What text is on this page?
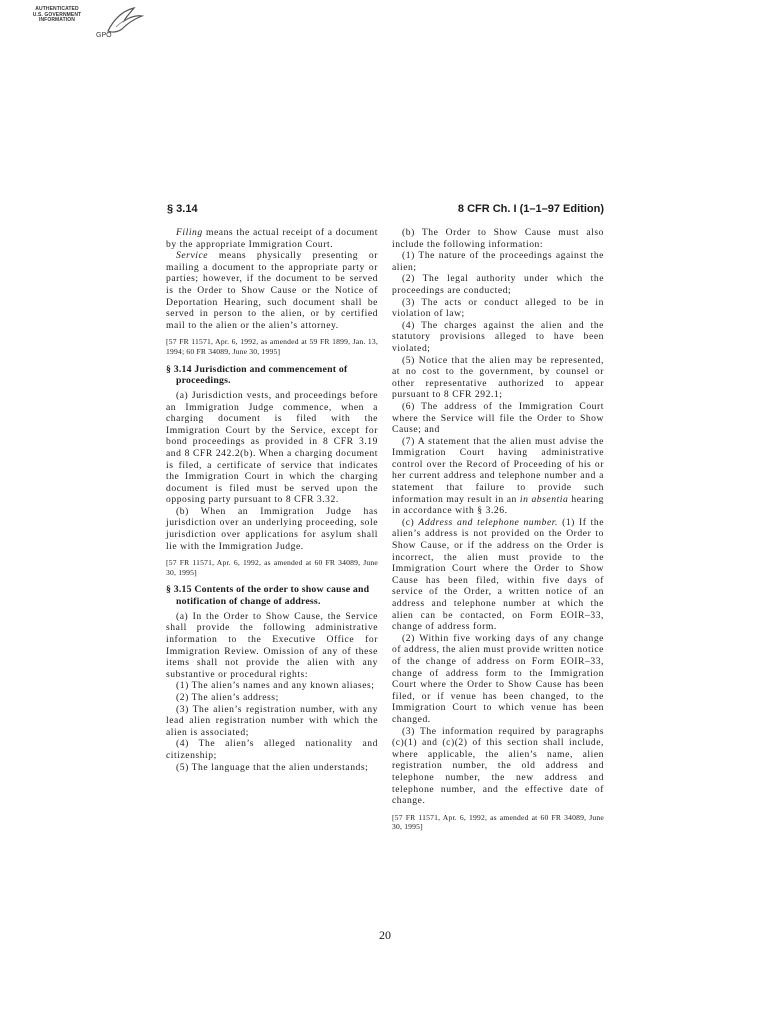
AUTHENTICATED
U.S. GOVERNMENT
INFORMATION
GPO
§ 3.14	8 CFR Ch. I (1–1–97 Edition)

Filing means the actual receipt of a document by the appropriate Immigration Court.

Service means physically presenting or mailing a document to the appropriate party or parties; however, if the document to be served is the Order to Show Cause or the Notice of Deportation Hearing, such document shall be served in person to the alien, or by certified mail to the alien or the alien’s attorney.

[57 FR 11571, Apr. 6, 1992, as amended at 59 FR 1899, Jan. 13, 1994; 60 FR 34089, June 30, 1995]

§ 3.14 Jurisdiction and commencement of proceedings.

(a) Jurisdiction vests, and proceedings before an Immigration Judge commence, when a charging document is filed with the Immigration Court by the Service, except for bond proceedings as provided in 8 CFR 3.19 and 8 CFR 242.2(b). When a charging document is filed, a certificate of service that indicates the Immigration Court in which the charging document is filed must be served upon the opposing party pursuant to 8 CFR 3.32.

(b) When an Immigration Judge has jurisdiction over an underlying proceeding, sole jurisdiction over applications for asylum shall lie with the Immigration Judge.

[57 FR 11571, Apr. 6, 1992, as amended at 60 FR 34089, June 30, 1995]

§ 3.15 Contents of the order to show cause and notification of change of address.

(a) In the Order to Show Cause, the Service shall provide the following administrative information to the Executive Office for Immigration Review. Omission of any of these items shall not provide the alien with any substantive or procedural rights:

(1) The alien’s names and any known aliases;

(2) The alien’s address;

(3) The alien’s registration number, with any lead alien registration number with which the alien is associated;

(4) The alien’s alleged nationality and citizenship;

(5) The language that the alien understands;

(b) The Order to Show Cause must also include the following information:

(1) The nature of the proceedings against the alien;

(2) The legal authority under which the proceedings are conducted;

(3) The acts or conduct alleged to be in violation of law;

(4) The charges against the alien and the statutory provisions alleged to have been violated;

(5) Notice that the alien may be represented, at no cost to the government, by counsel or other representative authorized to appear pursuant to 8 CFR 292.1;

(6) The address of the Immigration Court where the Service will file the Order to Show Cause; and

(7) A statement that the alien must advise the Immigration Court having administrative control over the Record of Proceeding of his or her current address and telephone number and a statement that failure to provide such information may result in an in absentia hearing in accordance with § 3.26.

(c) Address and telephone number. (1) If the alien’s address is not provided on the Order to Show Cause, or if the address on the Order is incorrect, the alien must provide to the Immigration Court where the Order to Show Cause has been filed, within five days of service of the Order, a written notice of an address and telephone number at which the alien can be contacted, on Form EOIR–33, change of address form.

(2) Within five working days of any change of address, the alien must provide written notice of the change of address on Form EOIR–33, change of address form to the Immigration Court where the Order to Show Cause has been filed, or if venue has been changed, to the Immigration Court to which venue has been changed.

(3) The information required by paragraphs (c)(1) and (c)(2) of this section shall include, where applicable, the alien’s name, alien registration number, the old address and telephone number, the new address and telephone number, and the effective date of change.

[57 FR 11571, Apr. 6, 1992, as amended at 60 FR 34089, June 30, 1995]

20
